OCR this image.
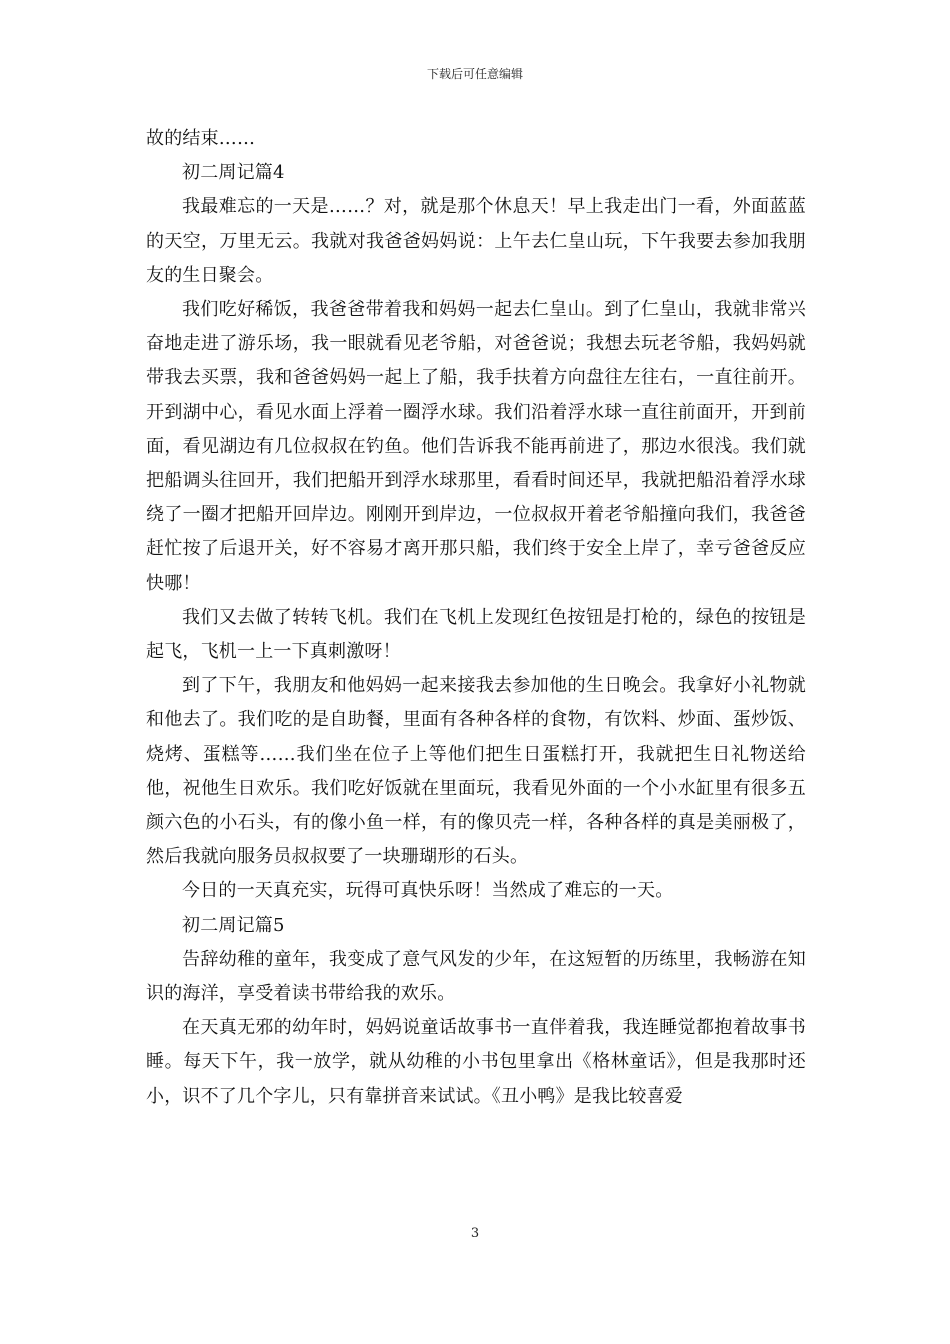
下载后可任意编辑

故的结束……

初二周记篇4

我最难忘的一天是……？对，就是那个休息天！早上我走出门一看，外面蓝蓝的天空，万里无云。我就对我爸爸妈妈说：上午去仁皇山玩，下午我要去参加我朋友的生日聚会。

我们吃好稀饭，我爸爸带着我和妈妈一起去仁皇山。到了仁皇山，我就非常兴奋地走进了游乐场，我一眼就看见老爷船，对爸爸说；我想去玩老爷船，我妈妈就带我去买票，我和爸爸妈妈一起上了船，我手扶着方向盘往左往右，一直往前开。开到湖中心，看见水面上浮着一圈浮水球。我们沿着浮水球一直往前面开，开到前面，看见湖边有几位叔叔在钓鱼。他们告诉我不能再前进了，那边水很浅。我们就把船调头往回开，我们把船开到浮水球那里，看看时间还早，我就把船沿着浮水球绕了一圈才把船开回岸边。刚刚开到岸边，一位叔叔开着老爷船撞向我们，我爸爸赶忙按了后退开关，好不容易才离开那只船，我们终于安全上岸了，幸亏爸爸反应快哪！

我们又去做了转转飞机。我们在飞机上发现红色按钮是打枪的，绿色的按钮是起飞，飞机一上一下真刺激呀！

到了下午，我朋友和他妈妈一起来接我去参加他的生日晚会。我拿好小礼物就和他去了。我们吃的是自助餐，里面有各种各样的食物，有饮料、炒面、蛋炒饭、烧烤、蛋糕等……我们坐在位子上等他们把生日蛋糕打开，我就把生日礼物送给他，祝他生日欢乐。我们吃好饭就在里面玩，我看见外面的一个小水缸里有很多五颜六色的小石头，有的像小鱼一样，有的像贝壳一样，各种各样的真是美丽极了，然后我就向服务员叔叔要了一块珊瑚形的石头。

今日的一天真充实，玩得可真快乐呀！当然成了难忘的一天。

初二周记篇5

告辞幼稚的童年，我变成了意气风发的少年，在这短暂的历练里，我畅游在知识的海洋，享受着读书带给我的欢乐。

在天真无邪的幼年时，妈妈说童话故事书一直伴着我，我连睡觉都抱着故事书睡。每天下午，我一放学，就从幼稚的小书包里拿出《格林童话》，但是我那时还小，识不了几个字儿，只有靠拼音来试试。《丑小鸭》是我比较喜爱

3
